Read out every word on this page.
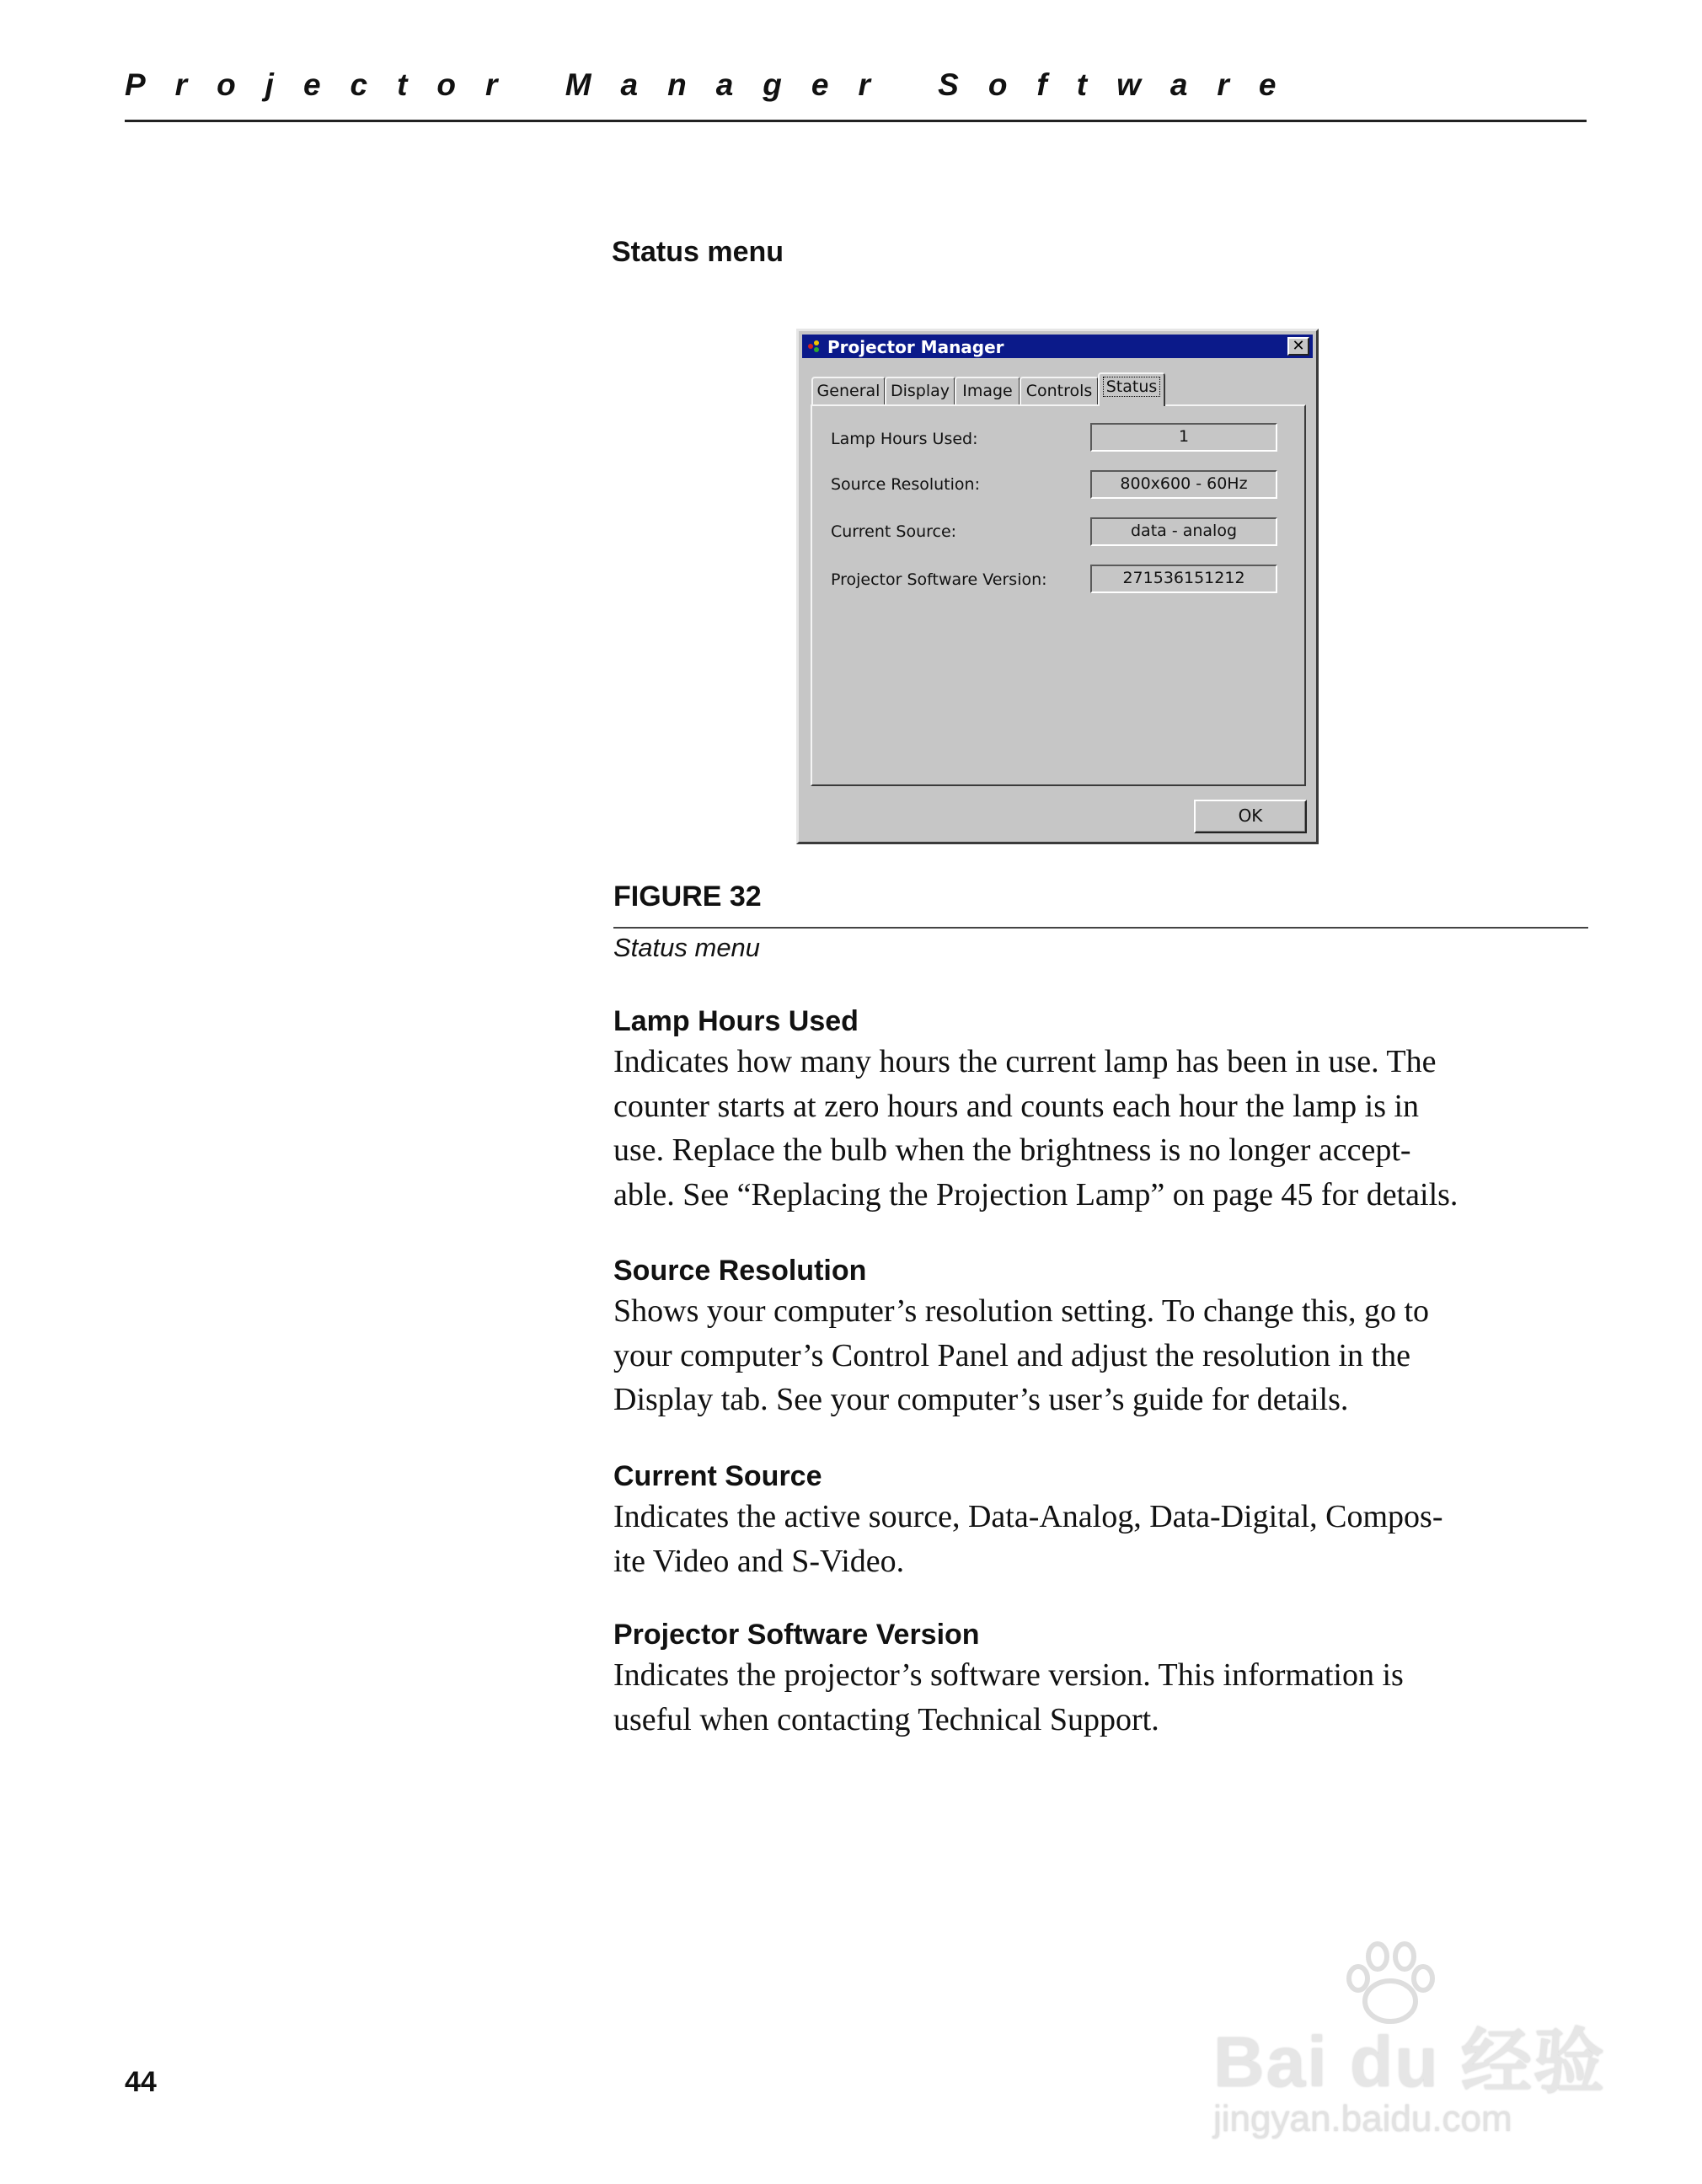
Projector Manager Software
Status menu
Projector Manager	✕
General Display Image Controls Status
Lamp Hours Used:	1
Source Resolution:	800x600 - 60Hz
Current Source:	data - analog
Projector Software Version:	271536151212
OK
FIGURE 32
Status menu
Lamp Hours Used
Indicates how many hours the current lamp has been in use. The
counter starts at zero hours and counts each hour the lamp is in
use. Replace the bulb when the brightness is no longer accept-
able. See “Replacing the Projection Lamp” on page 45 for details.
Source Resolution
Shows your computer’s resolution setting. To change this, go to
your computer’s Control Panel and adjust the resolution in the
Display tab. See your computer’s user’s guide for details.
Current Source
Indicates the active source, Data-Analog, Data-Digital, Compos-
ite Video and S-Video.
Projector Software Version
Indicates the projector’s software version. This information is
useful when contacting Technical Support.
44	Bai du 经验
jingyan.baidu.com
